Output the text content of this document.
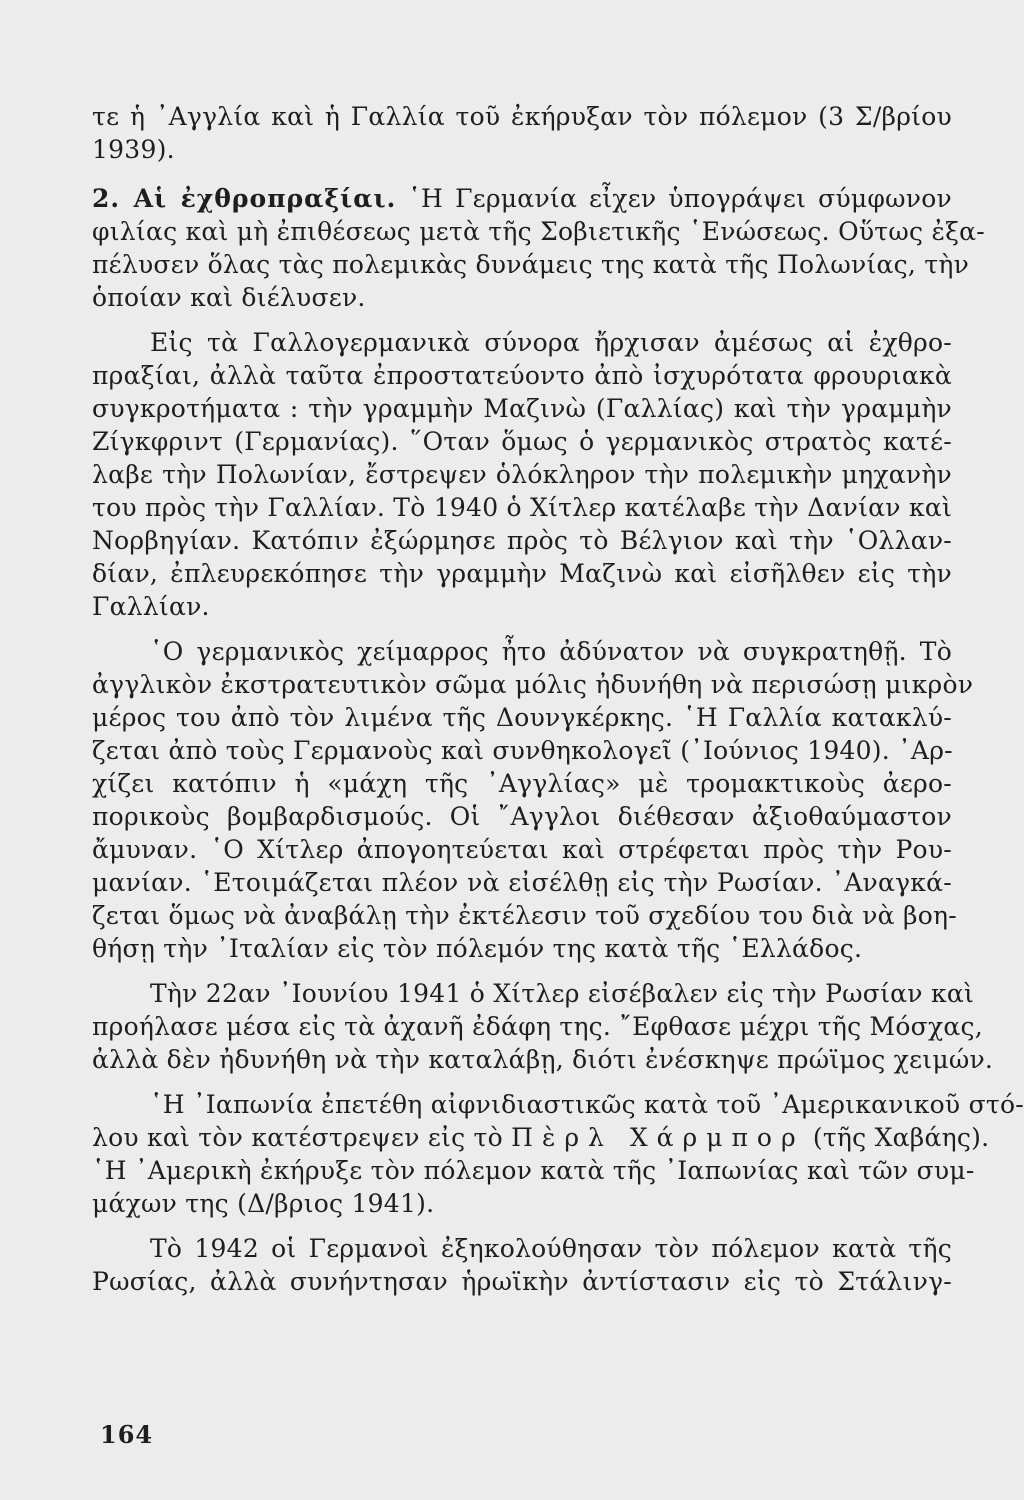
τε ἡ ᾿Αγγλία καὶ ἡ Γαλλία τοῦ ἐκήρυξαν τὸν πόλεμον (3 Σ/βρίου
1939).
2. Αἱ ἐχθροπραξίαι. ῾Η Γερμανία εἶχεν ὑπογράψει σύμφωνον
φιλίας καὶ μὴ ἐπιθέσεως μετὰ τῆς Σοβιετικῆς ῾Ενώσεως. Οὕτως ἐξα-
πέλυσεν ὅλας τὰς πολεμικὰς δυνάμεις της κατὰ τῆς Πολωνίας, τὴν
ὁποίαν καὶ διέλυσεν.
Εἰς τὰ Γαλλογερμανικὰ σύνορα ἤρχισαν ἀμέσως αἱ ἐχθρο-
πραξίαι, ἀλλὰ ταῦτα ἐπροστατεύοντο ἀπὸ ἰσχυρότατα φρουριακὰ
συγκροτήματα : τὴν γραμμὴν Μαζινὼ (Γαλλίας) καὶ τὴν γραμμὴν
Ζίγκφριντ (Γερμανίας). ῞Οταν ὅμως ὁ γερμανικὸς στρατὸς κατέ-
λαβε τὴν Πολωνίαν, ἔστρεψεν ὁλόκληρον τὴν πολεμικὴν μηχανὴν
του πρὸς τὴν Γαλλίαν. Τὸ 1940 ὁ Χίτλερ κατέλαβε τὴν Δανίαν καὶ
Νορβηγίαν. Κατόπιν ἐξώρμησε πρὸς τὸ Βέλγιον καὶ τὴν ῾Ολλαν-
δίαν, ἐπλευρεκόπησε τὴν γραμμὴν Μαζινὼ καὶ εἰσῆλθεν εἰς τὴν
Γαλλίαν.
῾Ο γερμανικὸς χείμαρρος ἦτο ἀδύνατον νὰ συγκρατηθῇ. Τὸ
ἀγγλικὸν ἐκστρατευτικὸν σῶμα μόλις ἠδυνήθη νὰ περισώσῃ μικρὸν
μέρος του ἀπὸ τὸν λιμένα τῆς Δουνγκέρκης. ῾Η Γαλλία κατακλύ-
ζεται ἀπὸ τοὺς Γερμανοὺς καὶ συνθηκολογεῖ (᾿Ιούνιος 1940). ᾿Αρ-
χίζει κατόπιν ἡ «μάχη τῆς ᾿Αγγλίας» μὲ τρομακτικοὺς ἀερο-
πορικοὺς βομβαρδισμούς. Οἱ ῎Αγγλοι διέθεσαν ἀξιοθαύμαστον
ἄμυναν. ῾Ο Χίτλερ ἀπογοητεύεται καὶ στρέφεται πρὸς τὴν Ρου-
μανίαν. ῾Ετοιμάζεται πλέον νὰ εἰσέλθῃ εἰς τὴν Ρωσίαν. ᾿Αναγκά-
ζεται ὅμως νὰ ἀναβάλῃ τὴν ἐκτέλεσιν τοῦ σχεδίου του διὰ νὰ βοη-
θήσῃ τὴν ᾿Ιταλίαν εἰς τὸν πόλεμόν της κατὰ τῆς ῾Ελλάδος.
Τὴν 22αν ᾿Ιουνίου 1941 ὁ Χίτλερ εἰσέβαλεν εἰς τὴν Ρωσίαν καὶ
προήλασε μέσα εἰς τὰ ἀχανῆ ἐδάφη της. ῎Εφθασε μέχρι τῆς Μόσχας,
ἀλλὰ δὲν ἠδυνήθη νὰ τὴν καταλάβῃ, διότι ἐνέσκηψε πρώϊμος χειμών.
῾Η ᾿Ιαπωνία ἐπετέθη αἰφνιδιαστικῶς κατὰ τοῦ ᾿Αμερικανικοῦ στό-
λου καὶ τὸν κατέστρεψεν εἰς τὸ Πὲρλ Χάρμπορ (τῆς Χαβάης).
῾Η ᾿Αμερικὴ ἐκήρυξε τὸν πόλεμον κατὰ τῆς ᾿Ιαπωνίας καὶ τῶν συμ-
μάχων της (Δ/βριος 1941).
Τὸ 1942 οἱ Γερμανοὶ ἐξηκολούθησαν τὸν πόλεμον κατὰ τῆς
Ρωσίας, ἀλλὰ συνήντησαν ἡρωϊκὴν ἀντίστασιν εἰς τὸ Στάλινγ-
164
